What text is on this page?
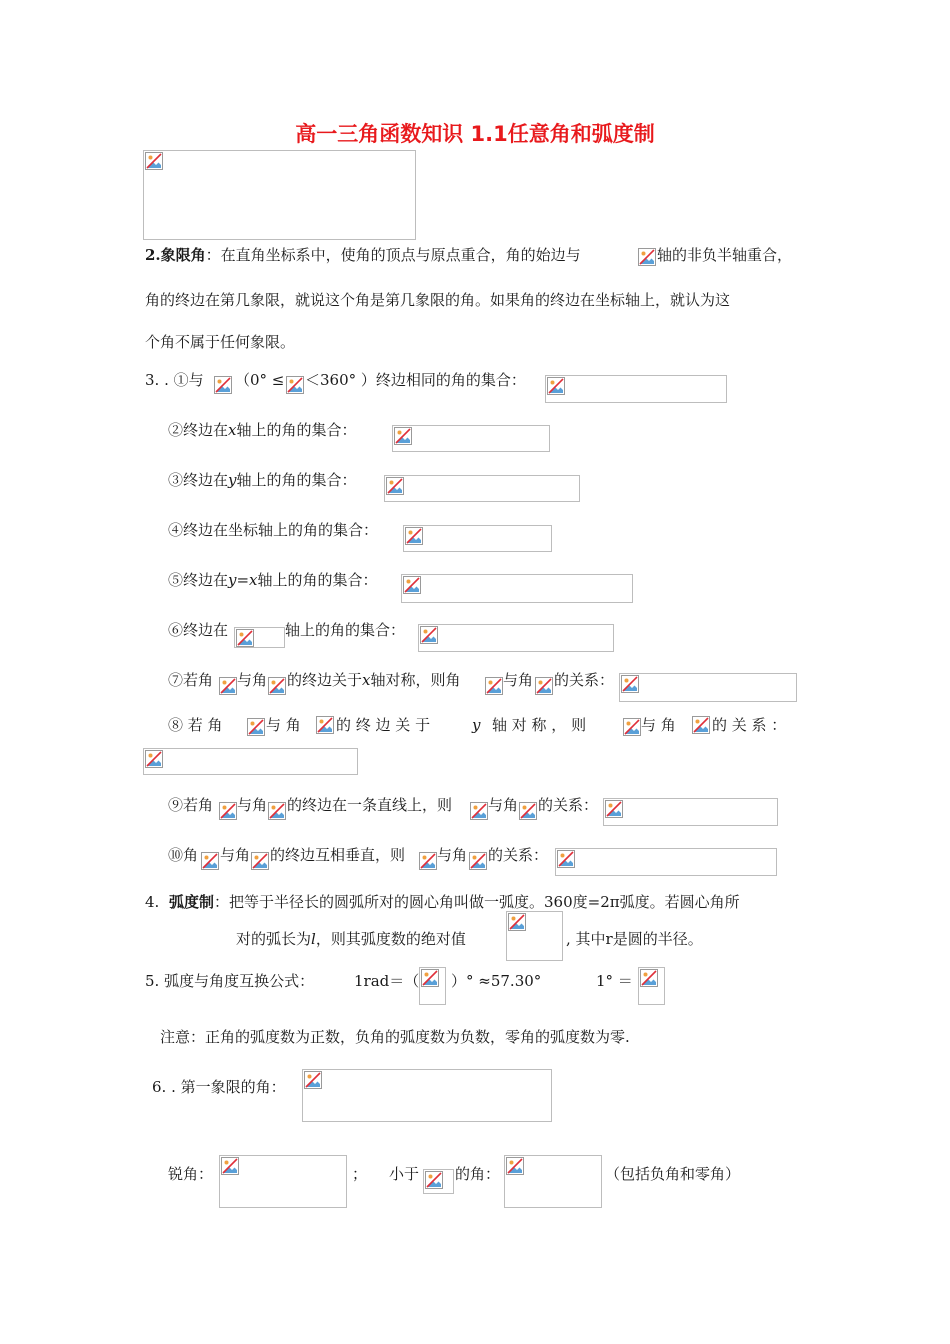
高一三角函数知识 1.1任意角和弧度制
2.象限角：在直角坐标系中，使角的顶点与原点重合，角的始边与	轴的非负半轴重合，
角的终边在第几象限，就说这个角是第几象限的角。如果角的终边在坐标轴上，就认为这
个角不属于任何象限。
3. . ①与 （0° ≤ ＜360° ）终边相同的角的集合：
②终边在x轴上的角的集合：
③终边在y轴上的角的集合：
④终边在坐标轴上的角的集合：
⑤终边在y=x轴上的角的集合：
⑥终边在	轴上的角的集合：
⑦若角 与角 的终边关于x轴对称，则角	与角 的关系：
⑧ 若 角	与 角 的 终 边 关 于	y 轴 对 称 ， 则	与 角 的 关 系 ：
⑨若角 与角 的终边在一条直线上，则 与角 的关系：
⑩角 与角 的终边互相垂直，则 与角 的关系：
4. 弧度制：把等于半径长的圆弧所对的圆心角叫做一弧度。360度=2π弧度。若圆心角所
对的弧长为l，则其弧度数的绝对值	, 其中r是圆的半径。
5. 弧度与角度互换公式：	1rad＝（ ）° ≈57.30°	1° ＝
注意：正角的弧度数为正数，负角的弧度数为负数，零角的弧度数为零.
6. . 第一象限的角：
锐角：	； 小于 的角：	（包括负角和零角）
